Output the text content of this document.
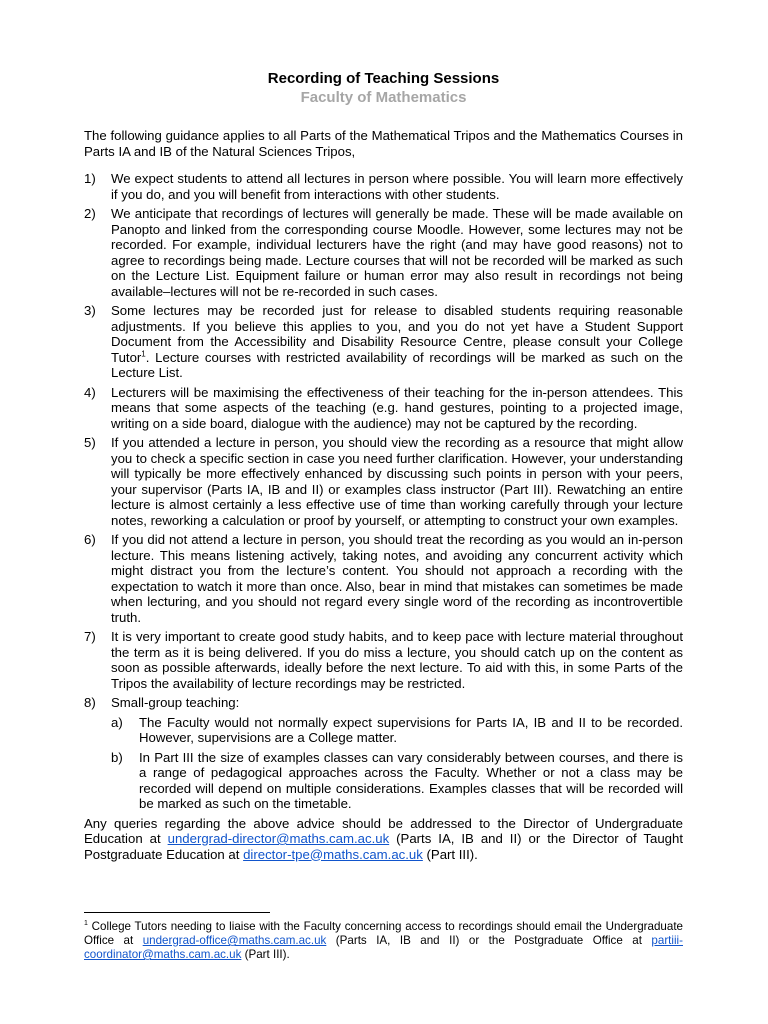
Recording of Teaching Sessions
Faculty of Mathematics

The following guidance applies to all Parts of the Mathematical Tripos and the Mathematics Courses in Parts IA and IB of the Natural Sciences Tripos,

1) We expect students to attend all lectures in person where possible. You will learn more effectively if you do, and you will benefit from interactions with other students.
2) We anticipate that recordings of lectures will generally be made. These will be made available on Panopto and linked from the corresponding course Moodle. However, some lectures may not be recorded. For example, individual lecturers have the right (and may have good reasons) not to agree to recordings being made. Lecture courses that will not be recorded will be marked as such on the Lecture List. Equipment failure or human error may also result in recordings not being available–lectures will not be re-recorded in such cases.
3) Some lectures may be recorded just for release to disabled students requiring reasonable adjustments. If you believe this applies to you, and you do not yet have a Student Support Document from the Accessibility and Disability Resource Centre, please consult your College Tutor$^1$. Lecture courses with restricted availability of recordings will be marked as such on the Lecture List.
4) Lecturers will be maximising the effectiveness of their teaching for the in-person attendees. This means that some aspects of the teaching (e.g. hand gestures, pointing to a projected image, writing on a side board, dialogue with the audience) may not be captured by the recording.
5) If you attended a lecture in person, you should view the recording as a resource that might allow you to check a specific section in case you need further clarification. However, your understanding will typically be more effectively enhanced by discussing such points in person with your peers, your supervisor (Parts IA, IB and II) or examples class instructor (Part III). Rewatching an entire lecture is almost certainly a less effective use of time than working carefully through your lecture notes, reworking a calculation or proof by yourself, or attempting to construct your own examples.
6) If you did not attend a lecture in person, you should treat the recording as you would an in-person lecture. This means listening actively, taking notes, and avoiding any concurrent activity which might distract you from the lecture’s content. You should not approach a recording with the expectation to watch it more than once. Also, bear in mind that mistakes can sometimes be made when lecturing, and you should not regard every single word of the recording as incontrovertible truth.
7) It is very important to create good study habits, and to keep pace with lecture material throughout the term as it is being delivered. If you do miss a lecture, you should catch up on the content as soon as possible afterwards, ideally before the next lecture. To aid with this, in some Parts of the Tripos the availability of lecture recordings may be restricted.
8) Small-group teaching:
a) The Faculty would not normally expect supervisions for Parts IA, IB and II to be recorded. However, supervisions are a College matter.
b) In Part III the size of examples classes can vary considerably between courses, and there is a range of pedagogical approaches across the Faculty. Whether or not a class may be recorded will depend on multiple considerations. Examples classes that will be recorded will be marked as such on the timetable.

Any queries regarding the above advice should be addressed to the Director of Undergraduate Education at undergrad-director@maths.cam.ac.uk (Parts IA, IB and II) or the Director of Taught Postgraduate Education at director-tpe@maths.cam.ac.uk (Part III).

$^1$ College Tutors needing to liaise with the Faculty concerning access to recordings should email the Undergraduate Office at undergrad-office@maths.cam.ac.uk (Parts IA, IB and II) or the Postgraduate Office at partiii-coordinator@maths.cam.ac.uk (Part III).
